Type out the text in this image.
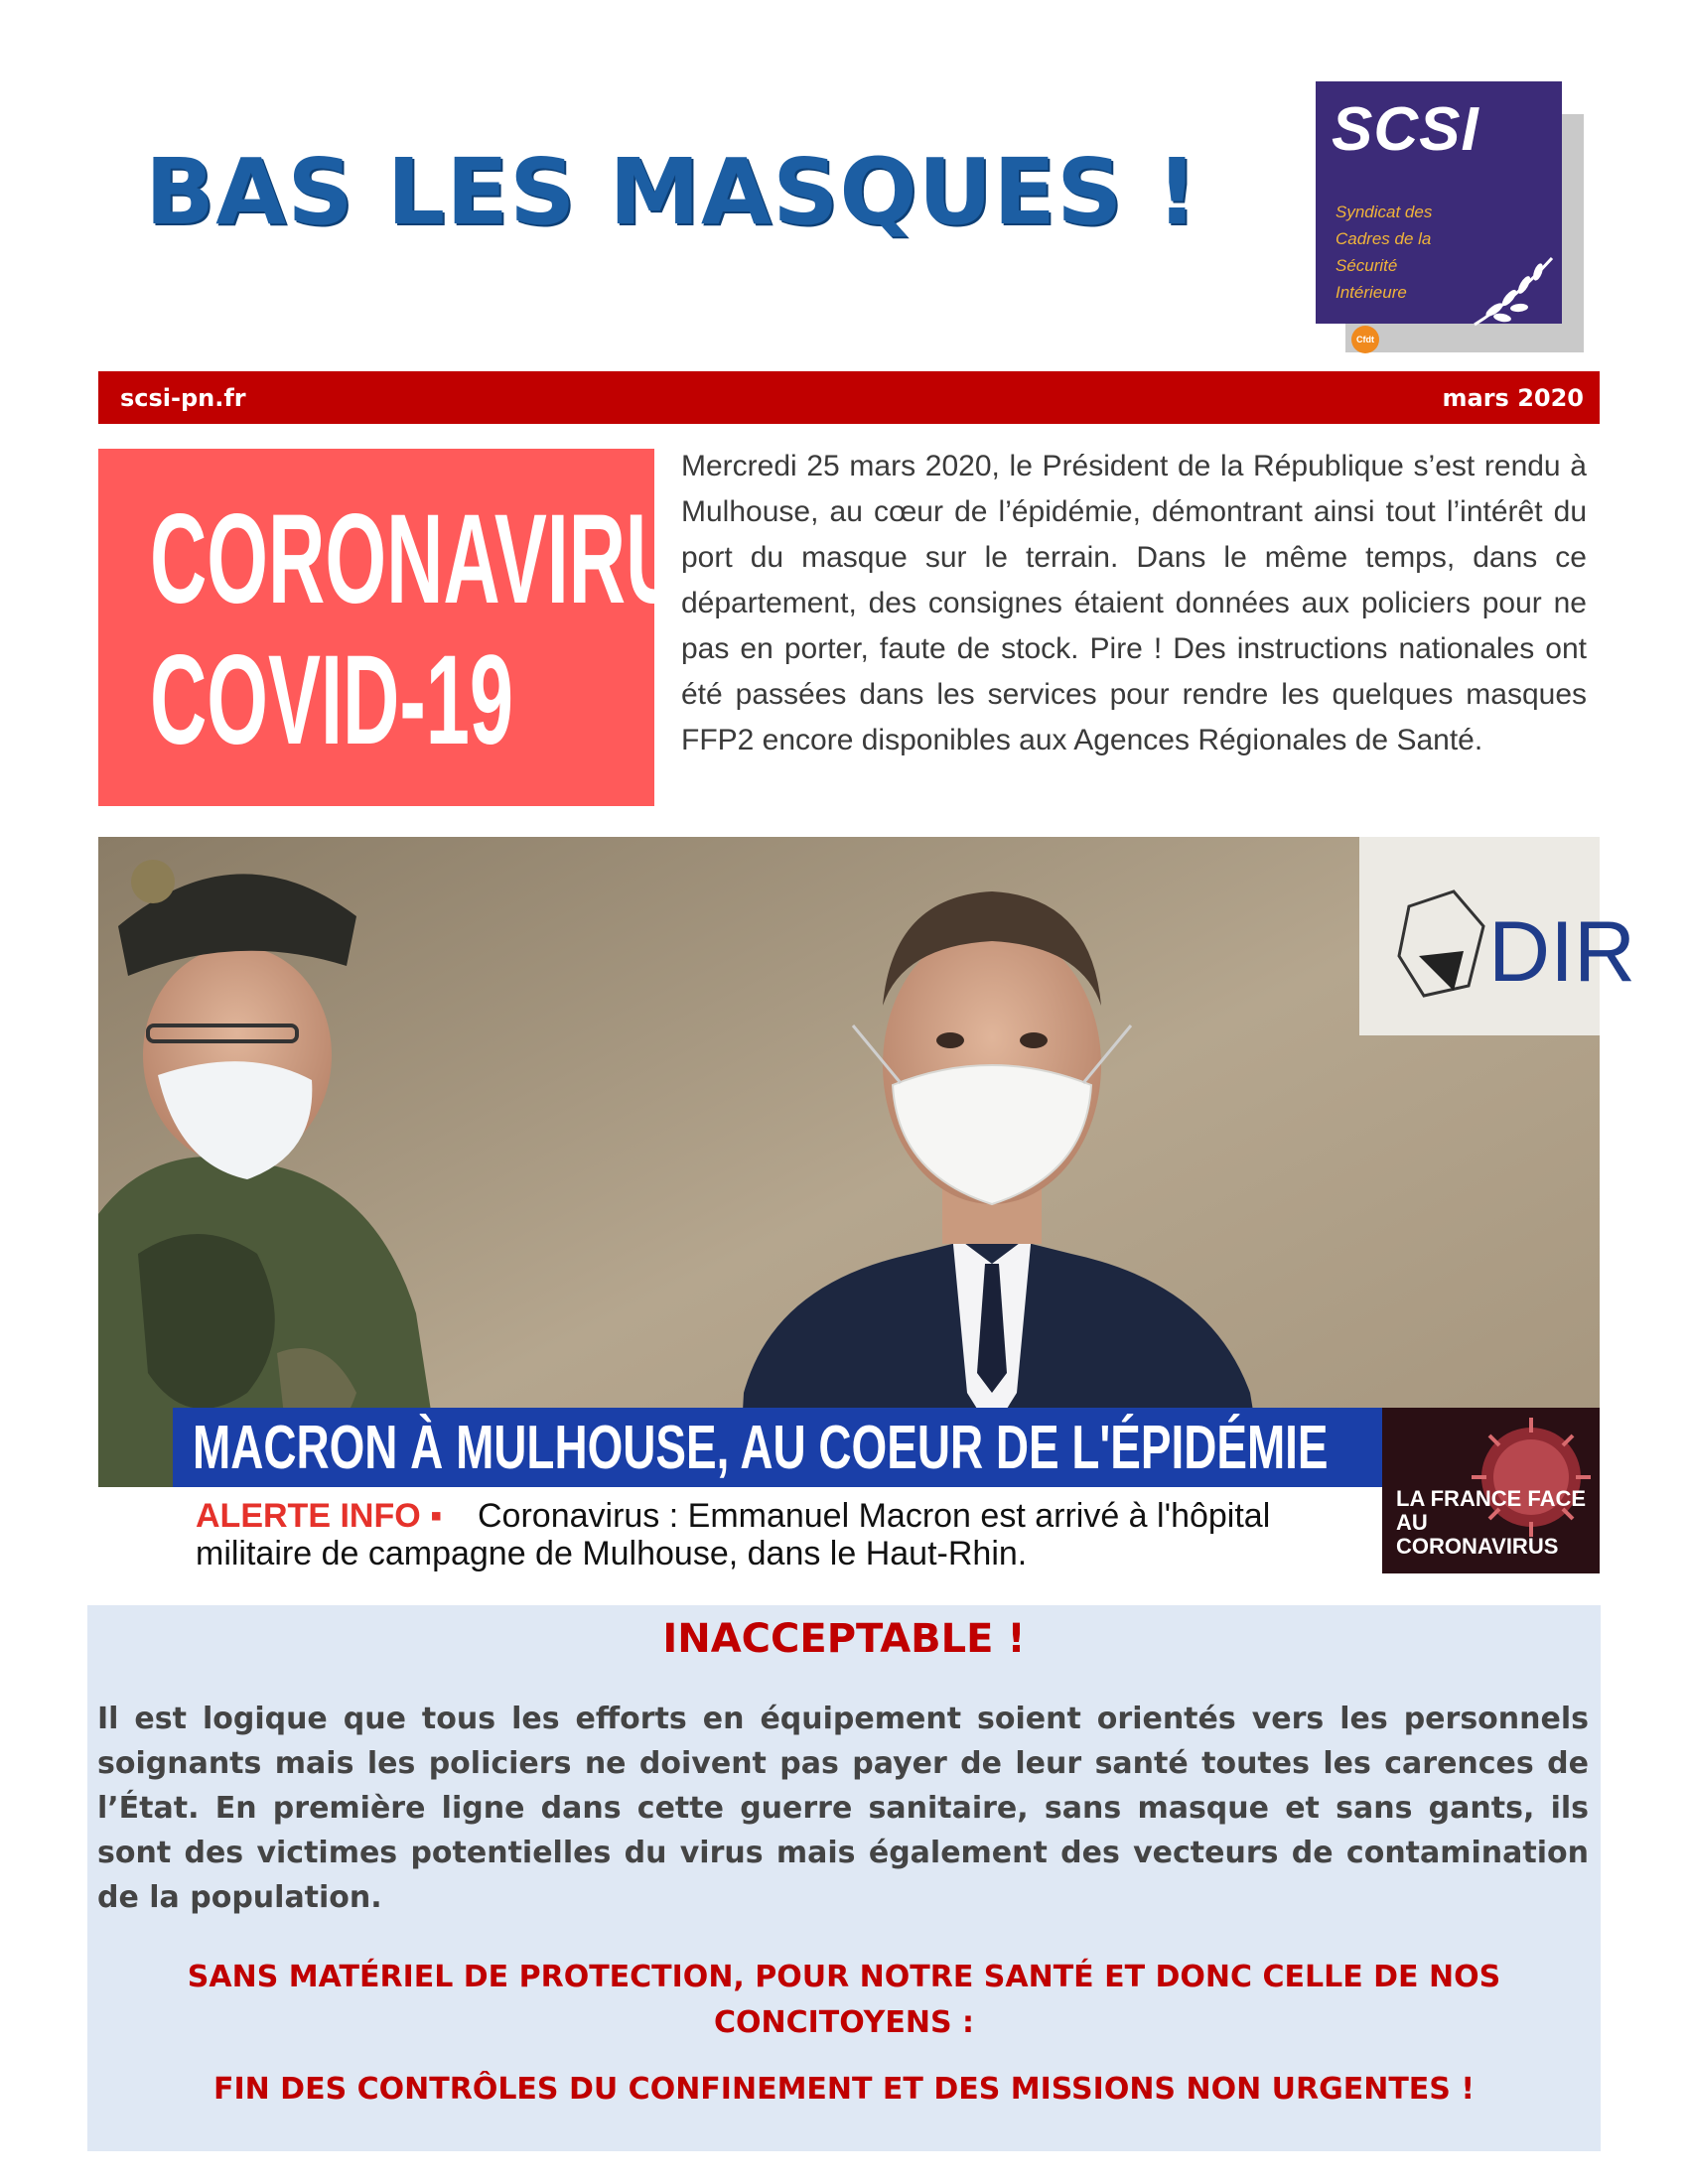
BAS LES MASQUES !
SCSI
Syndicat des
Cadres de la
Sécurité
Intérieure
Cfdt
scsi-pn.fr	mars 2020
CORONAVIRUS
COVID-19
Mercredi 25 mars 2020, le Président de la République s’est rendu à Mulhouse, au cœur de l’épidémie, démontrant ainsi tout l’intérêt du port du masque sur le terrain. Dans le même temps, dans ce département, des consignes étaient données aux policiers pour ne pas en porter, faute de stock. Pire ! Des instructions nationales ont été passées dans les services pour rendre les quelques masques FFP2 encore disponibles aux Agences Régionales de Santé.
DIR
MACRON À MULHOUSE, AU COEUR DE L'ÉPIDÉMIE
ALERTE INFO ▪ Coronavirus : Emmanuel Macron est arrivé à l'hôpital
militaire de campagne de Mulhouse, dans le Haut-Rhin.
LA FRANCE FACE AU CORONAVIRUS
INACCEPTABLE !
Il est logique que tous les efforts en équipement soient orientés vers les personnels soignants mais les policiers ne doivent pas payer de leur santé toutes les carences de l’État. En première ligne dans cette guerre sanitaire, sans masque et sans gants, ils sont des victimes potentielles du virus mais également des vecteurs de contamination de la population.
SANS MATÉRIEL DE PROTECTION, POUR NOTRE SANTÉ ET DONC CELLE DE NOS CONCITOYENS :
FIN DES CONTRÔLES DU CONFINEMENT ET DES MISSIONS NON URGENTES !
